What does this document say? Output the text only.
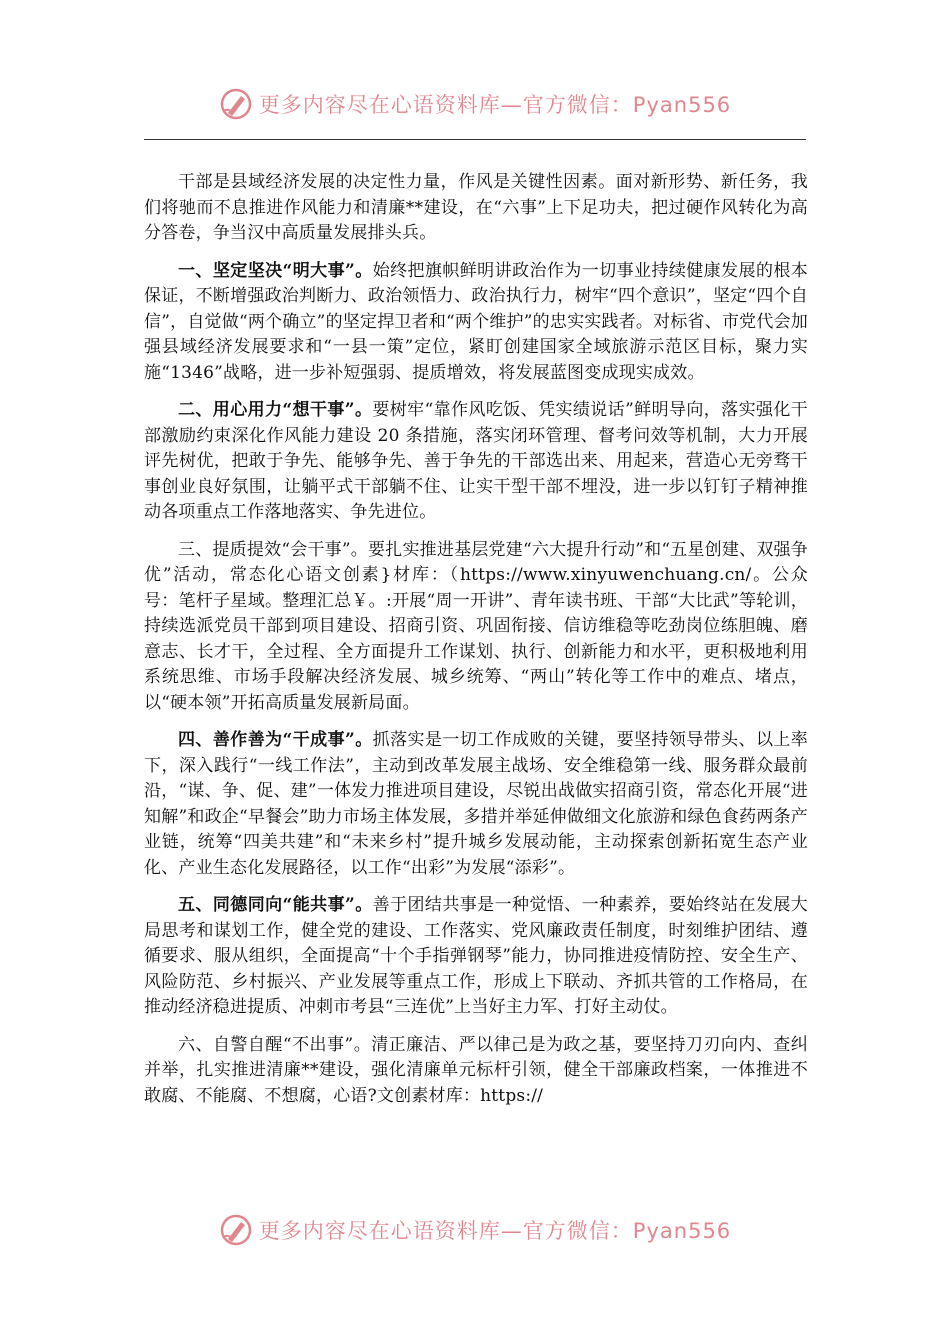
更多内容尽在心语资料库—官方微信：Pyan556

干部是县域经济发展的决定性力量，作风是关键性因素。面对新形势、新任务，我们将驰而不息推进作风能力和清廉**建设，在“六事”上下足功夫，把过硬作风转化为高分答卷，争当汉中高质量发展排头兵。

一、坚定坚决“明大事”。始终把旗帜鲜明讲政治作为一切事业持续健康发展的根本保证，不断增强政治判断力、政治领悟力、政治执行力，树牢“四个意识”，坚定“四个自信”，自觉做“两个确立”的坚定捍卫者和“两个维护”的忠实实践者。对标省、市党代会加强县域经济发展要求和“一县一策”定位，紧盯创建国家全域旅游示范区目标，聚力实施“1346”战略，进一步补短强弱、提质增效，将发展蓝图变成现实成效。

二、用心用力“想干事”。要树牢“靠作风吃饭、凭实绩说话”鲜明导向，落实强化干部激励约束深化作风能力建设 20 条措施，落实闭环管理、督考问效等机制，大力开展评先树优，把敢于争先、能够争先、善于争先的干部选出来、用起来，营造心无旁骛干事创业良好氛围，让躺平式干部躺不住、让实干型干部不埋没，进一步以钉钉子精神推动各项重点工作落地落实、争先进位。

三、提质提效“会干事”。要扎实推进基层党建“六大提升行动”和“五星创建、双强争优”活动，常态化心语文创素}材库：（https://www.xinyuwenchuang.cn/。公众号：笔杆子星域。整理汇总￥。:开展“周一开讲”、青年读书班、干部“大比武”等轮训，持续选派党员干部到项目建设、招商引资、巩固衔接、信访维稳等吃劲岗位练胆魄、磨意志、长才干，全过程、全方面提升工作谋划、执行、创新能力和水平，更积极地利用系统思维、市场手段解决经济发展、城乡统筹、“两山”转化等工作中的难点、堵点，以“硬本领”开拓高质量发展新局面。

四、善作善为“干成事”。抓落实是一切工作成败的关键，要坚持领导带头、以上率下，深入践行“一线工作法”，主动到改革发展主战场、安全维稳第一线、服务群众最前沿，“谋、争、促、建”一体发力推进项目建设，尽锐出战做实招商引资，常态化开展“进知解”和政企“早餐会”助力市场主体发展，多措并举延伸做细文化旅游和绿色食药两条产业链，统筹“四美共建”和“未来乡村”提升城乡发展动能，主动探索创新拓宽生态产业化、产业生态化发展路径，以工作“出彩”为发展“添彩”。

五、同德同向“能共事”。善于团结共事是一种觉悟、一种素养，要始终站在发展大局思考和谋划工作，健全党的建设、工作落实、党风廉政责任制度，时刻维护团结、遵循要求、服从组织，全面提高“十个手指弹钢琴”能力，协同推进疫情防控、安全生产、风险防范、乡村振兴、产业发展等重点工作，形成上下联动、齐抓共管的工作格局，在推动经济稳进提质、冲刺市考县“三连优”上当好主力军、打好主动仗。

六、自警自醒“不出事”。清正廉洁、严以律己是为政之基，要坚持刀刃向内、查纠并举，扎实推进清廉**建设，强化清廉单元标杆引领，健全干部廉政档案，一体推进不敢腐、不能腐、不想腐，心语?文创素材库：https://

更多内容尽在心语资料库—官方微信：Pyan556
